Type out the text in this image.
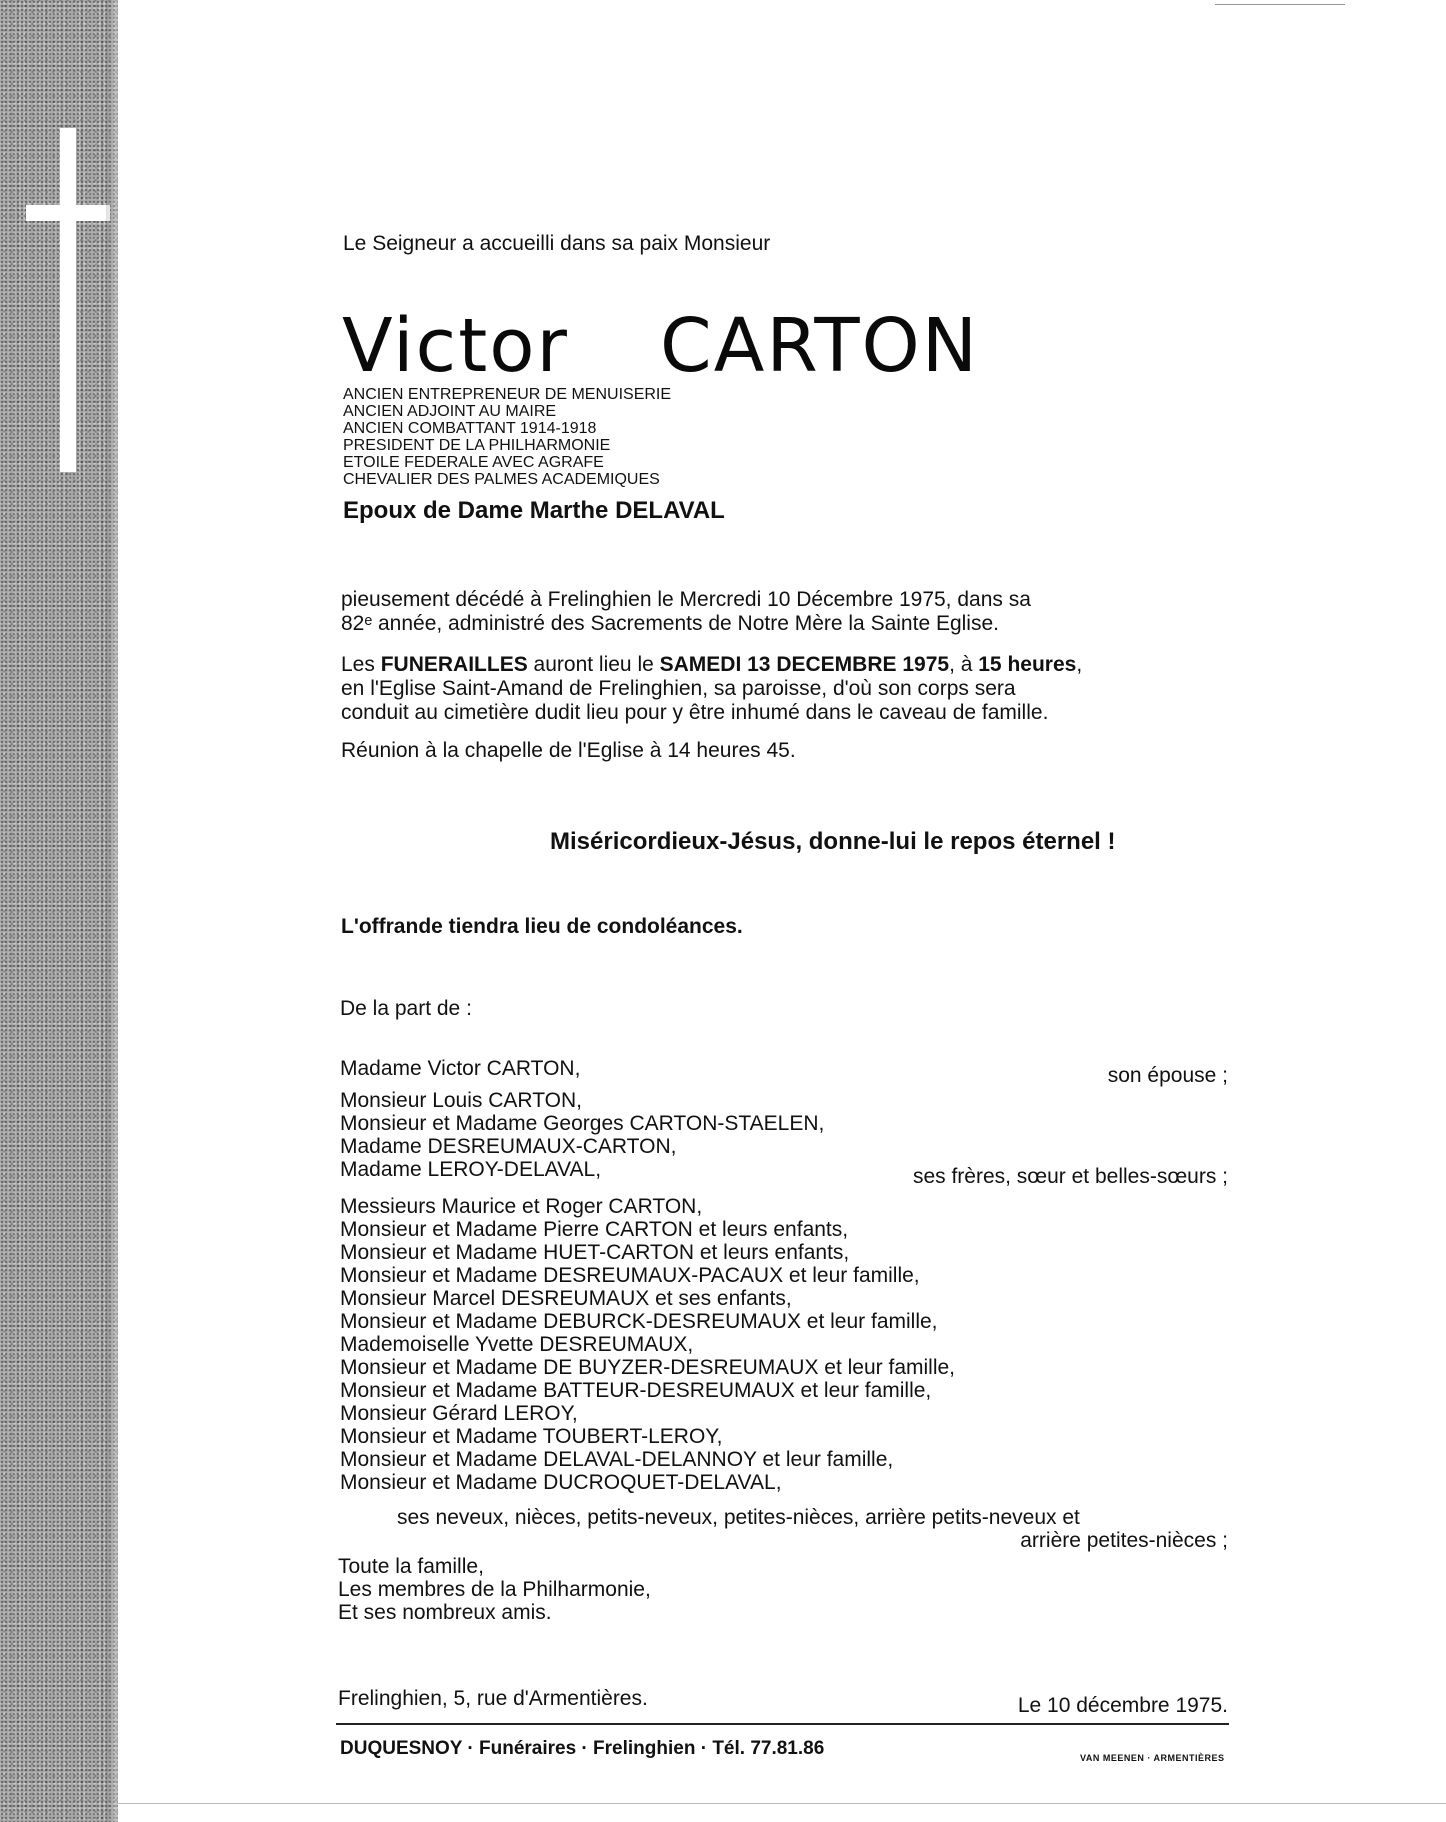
Le Seigneur a accueilli dans sa paix Monsieur
Victor CARTON
ANCIEN ENTREPRENEUR DE MENUISERIE
ANCIEN ADJOINT AU MAIRE
ANCIEN COMBATTANT 1914-1918
PRESIDENT DE LA PHILHARMONIE
ETOILE FEDERALE AVEC AGRAFE
CHEVALIER DES PALMES ACADEMIQUES
Epoux de Dame Marthe DELAVAL
pieusement décédé à Frelinghien le Mercredi 10 Décembre 1975, dans sa
82ᵉ année, administré des Sacrements de Notre Mère la Sainte Eglise.
Les FUNERAILLES auront lieu le SAMEDI 13 DECEMBRE 1975, à 15 heures,
en l'Eglise Saint-Amand de Frelinghien, sa paroisse, d'où son corps sera
conduit au cimetière dudit lieu pour y être inhumé dans le caveau de famille.
Réunion à la chapelle de l'Eglise à 14 heures 45.
Miséricordieux-Jésus, donne-lui le repos éternel !
L'offrande tiendra lieu de condoléances.
De la part de :
Madame Victor CARTON,	son épouse ;
Monsieur Louis CARTON,
Monsieur et Madame Georges CARTON-STAELEN,
Madame DESREUMAUX-CARTON,
Madame LEROY-DELAVAL,	ses frères, sœur et belles-sœurs ;
Messieurs Maurice et Roger CARTON,
Monsieur et Madame Pierre CARTON et leurs enfants,
Monsieur et Madame HUET-CARTON et leurs enfants,
Monsieur et Madame DESREUMAUX-PACAUX et leur famille,
Monsieur Marcel DESREUMAUX et ses enfants,
Monsieur et Madame DEBURCK-DESREUMAUX et leur famille,
Mademoiselle Yvette DESREUMAUX,
Monsieur et Madame DE BUYZER-DESREUMAUX et leur famille,
Monsieur et Madame BATTEUR-DESREUMAUX et leur famille,
Monsieur Gérard LEROY,
Monsieur et Madame TOUBERT-LEROY,
Monsieur et Madame DELAVAL-DELANNOY et leur famille,
Monsieur et Madame DUCROQUET-DELAVAL,
ses neveux, nièces, petits-neveux, petites-nièces, arrière petits-neveux et
arrière petites-nièces ;
Toute la famille,
Les membres de la Philharmonie,
Et ses nombreux amis.
Frelinghien, 5, rue d'Armentières.	Le 10 décembre 1975.
DUQUESNOY · Funéraires · Frelinghien · Tél. 77.81.86	VAN MEENEN · ARMENTIÈRES
